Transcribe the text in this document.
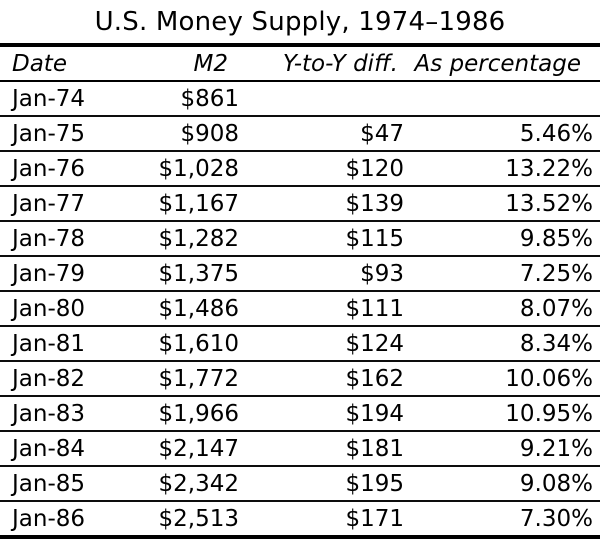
U.S. Money Supply, 1974–1986
Date	M2	Y-to-Y diff.	As percentage
Jan-74	$861		
Jan-75	$908	$47	5.46%
Jan-76	$1,028	$120	13.22%
Jan-77	$1,167	$139	13.52%
Jan-78	$1,282	$115	9.85%
Jan-79	$1,375	$93	7.25%
Jan-80	$1,486	$111	8.07%
Jan-81	$1,610	$124	8.34%
Jan-82	$1,772	$162	10.06%
Jan-83	$1,966	$194	10.95%
Jan-84	$2,147	$181	9.21%
Jan-85	$2,342	$195	9.08%
Jan-86	$2,513	$171	7.30%
